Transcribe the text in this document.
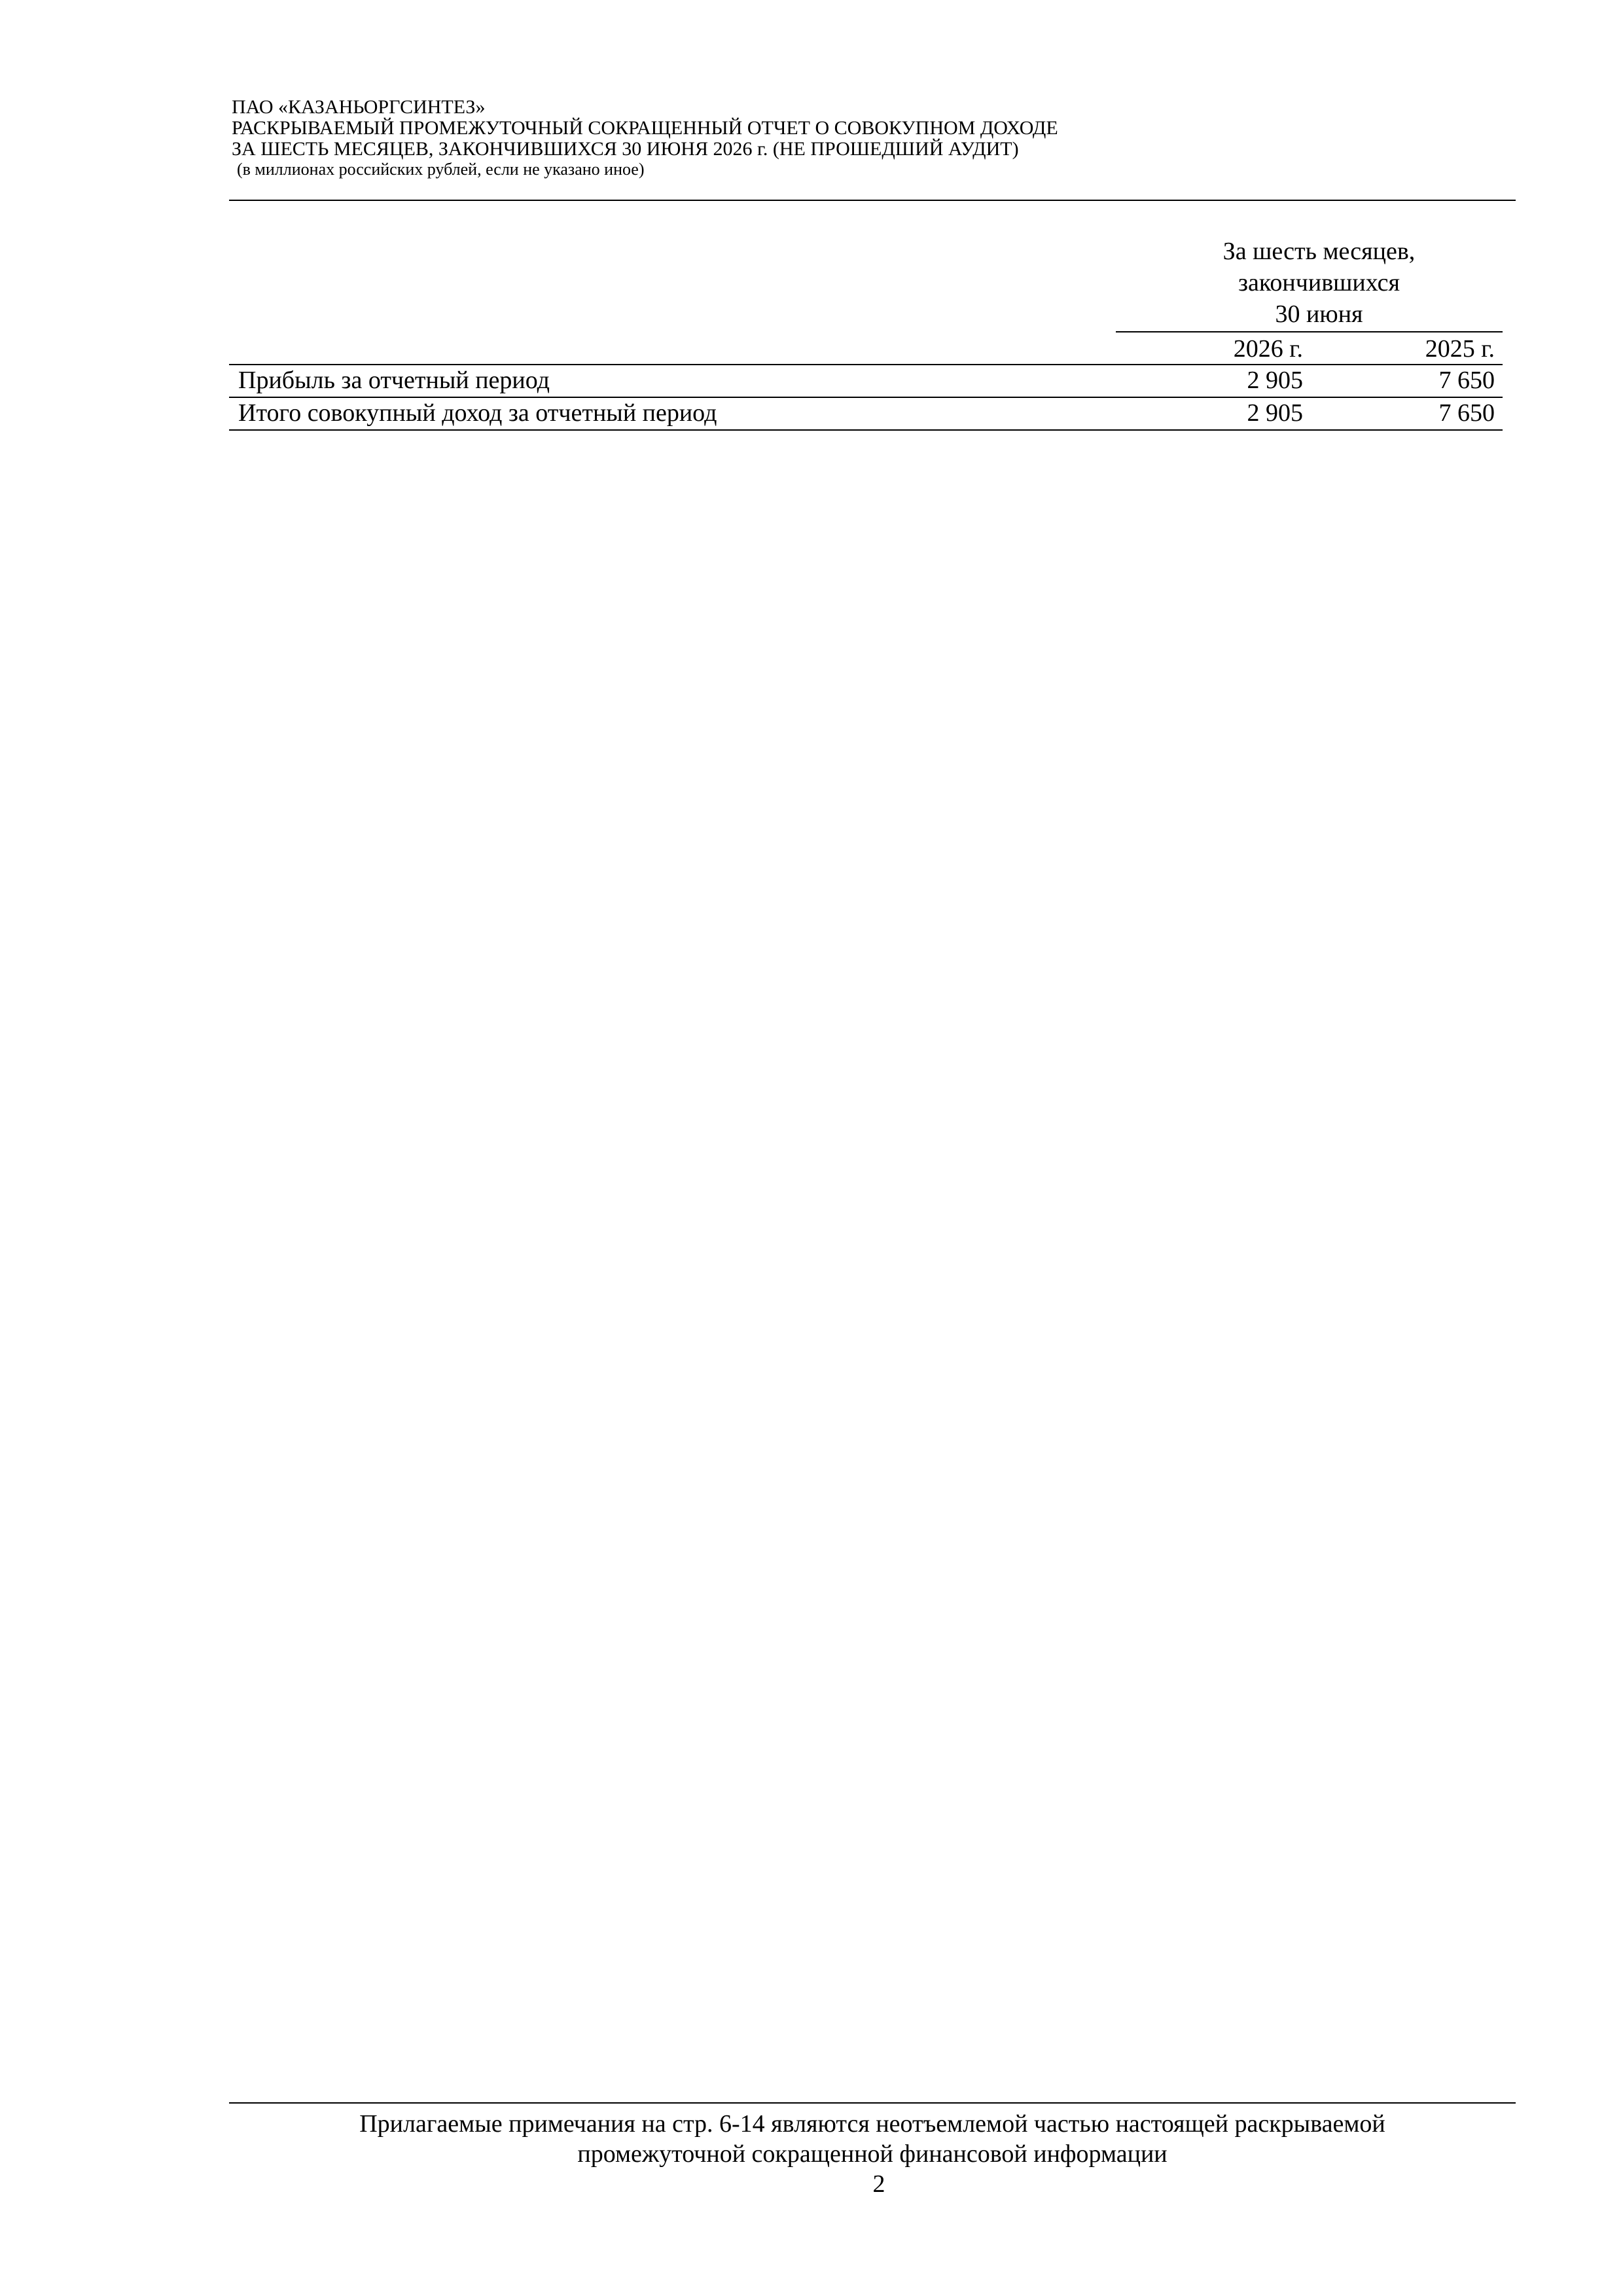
ПАО «КАЗАНЬОРГСИНТЕЗ»
РАСКРЫВАЕМЫЙ ПРОМЕЖУТОЧНЫЙ СОКРАЩЕННЫЙ ОТЧЕТ О СОВОКУПНОМ ДОХОДЕ
ЗА ШЕСТЬ МЕСЯЦЕВ, ЗАКОНЧИВШИХСЯ 30 ИЮНЯ 2026 г. (НЕ ПРОШЕДШИЙ АУДИТ)
(в миллионах российских рублей, если не указано иное)
За шесть месяцев,
закончившихся
30 июня
2026 г.	2025 г.
Прибыль за отчетный период	2 905	7 650
Итого совокупный доход за отчетный период	2 905	7 650
Прилагаемые примечания на стр. 6-14 являются неотъемлемой частью настоящей раскрываемой
промежуточной сокращенной финансовой информации
2
